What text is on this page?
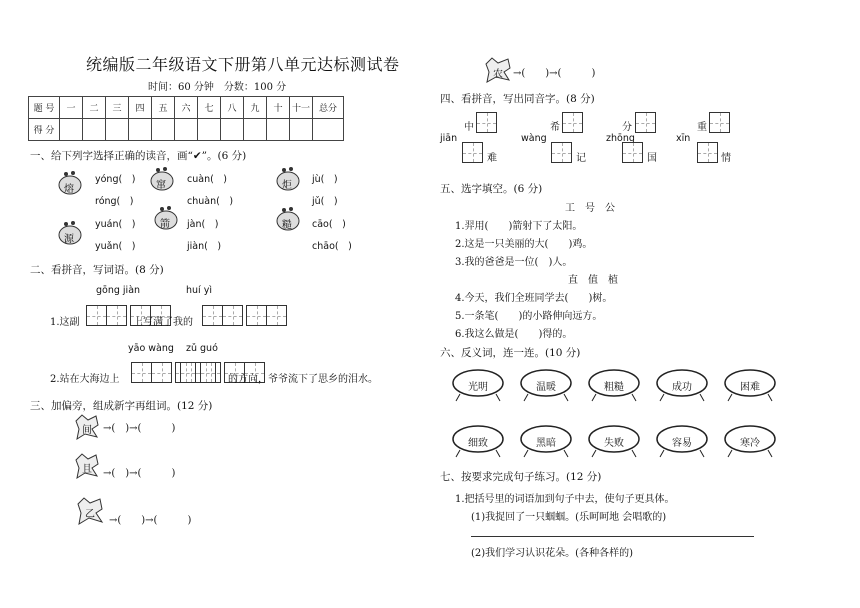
统编版二年级语文下册第八单元达标测试卷
时间：60 分钟　分数：100 分
题 号	一	二	三	四	五	六	七	八	九	十	十一	总分
得 分												
一、给下列字选择正确的读音，画“✔”。(6 分)
熔
yóng(　)
róng(　)
窜
cuàn(　)
chuàn(　)
炬
jù(　)
jǔ(　)
源
yuán(　)
yuǎn(　)
箭 jàn(　)
jiàn(　)
糙 cāo(　)
chāo(　)
二、看拼音，写词语。(8 分)
gōng jiàn	huí yì
1.这副	上写满了我的
yāo wàng zǔ guó
2.站在大海边上	的方向，爷爷流下了思乡的泪水。
三、加偏旁，组成新字再组词。(12 分)
间 →(　)→(　　　)
且 →(　)→(　　　)
乙
→(　　)→(　　　)
农 →(　　)→(　　　)
四、看拼音，写出同音字。(8 分)
jiān
中
难
wàng
希
记
zhōng
分
国
xīn
重
情
五、选字填空。(6 分)
工　号　公
1.羿用(　　)箭射下了太阳。
2.这是一只美丽的大(　　)鸡。
3.我的爸爸是一位(　)人。
直　值　植
4.今天，我们全班同学去(　　)树。
5.一条笔(　　)的小路伸向远方。
6.我这么做是(　　)得的。
六、反义词，连一连。(10 分)
光明	温暖	粗糙	成功	困难
细致	黑暗	失败	容易	寒冷
七、按要求完成句子练习。(12 分)
1.把括号里的词语加到句子中去，使句子更具体。
(1)我捉回了一只蝈蝈。(乐呵呵地 会唱歌的)
(2)我们学习认识花朵。(各种各样的)
